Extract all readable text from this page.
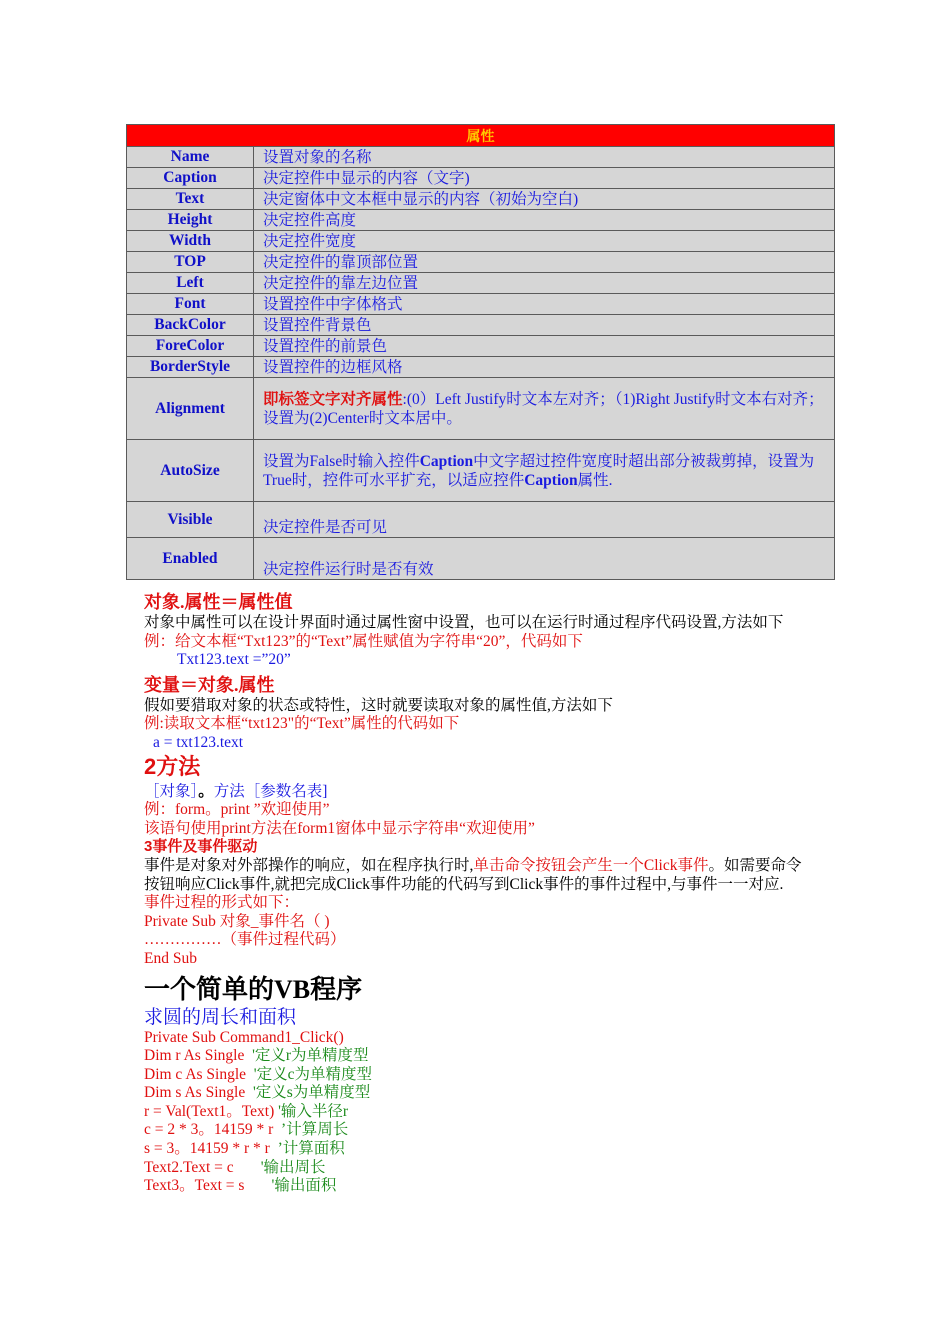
属性	
Name	设置对象的名称
Caption	决定控件中显示的内容（文字)
Text	决定窗体中文本框中显示的内容（初始为空白)
Height	决定控件高度
Width	决定控件宽度
TOP	决定控件的靠顶部位置
Left	决定控件的靠左边位置
Font	设置控件中字体格式
BackColor	设置控件背景色
ForeColor	设置控件的前景色
BorderStyle	设置控件的边框风格
Alignment	即标签文字对齐属性:(0）Left Justify时文本左对齐；（1)Right Justify时文本右对齐；设置为(2)Center时文本居中。
AutoSize	设置为False时输入控件Caption中文字超过控件宽度时超出部分被裁剪掉，设置为True时，控件可水平扩充，以适应控件Caption属性.
Visible	决定控件是否可见
Enabled	决定控件运行时是否有效
对象.属性＝属性值
对象中属性可以在设计界面时通过属性窗中设置，也可以在运行时通过程序代码设置,方法如下
例：给文本框“Txt123”的“Text”属性赋值为字符串“20”，代码如下
Txt123.text =”20”
变量＝对象.属性
假如要猎取对象的状态或特性，这时就要读取对象的属性值,方法如下
例:读取文本框“txt123"的“Text”属性的代码如下
a = txt123.text
2方法
［对象］。方法［参数名表]
例：form。print ”欢迎使用”
该语句使用print方法在form1窗体中显示字符串“欢迎使用”
3事件及事件驱动
事件是对象对外部操作的响应，如在程序执行时,单击命令按钮会产生一个Click事件。如需要命令按钮响应Click事件,就把完成Click事件功能的代码写到Click事件的事件过程中,与事件一一对应.
事件过程的形式如下：
Private Sub 对象_事件名（ )
……………（事件过程代码）
End Sub
一个简单的VB程序
求圆的周长和面积
Private Sub Command1_Click()
Dim r As Single  '定义r为单精度型
Dim c As Single  '定义c为单精度型
Dim s As Single  '定义s为单精度型
r = Val(Text1。Text) '输入半径r
c = 2 * 3。14159 * r  ’计算周长
s = 3。14159 * r * r  ’计算面积
Text2.Text = c       '输出周长
Text3。Text = s       '输出面积
